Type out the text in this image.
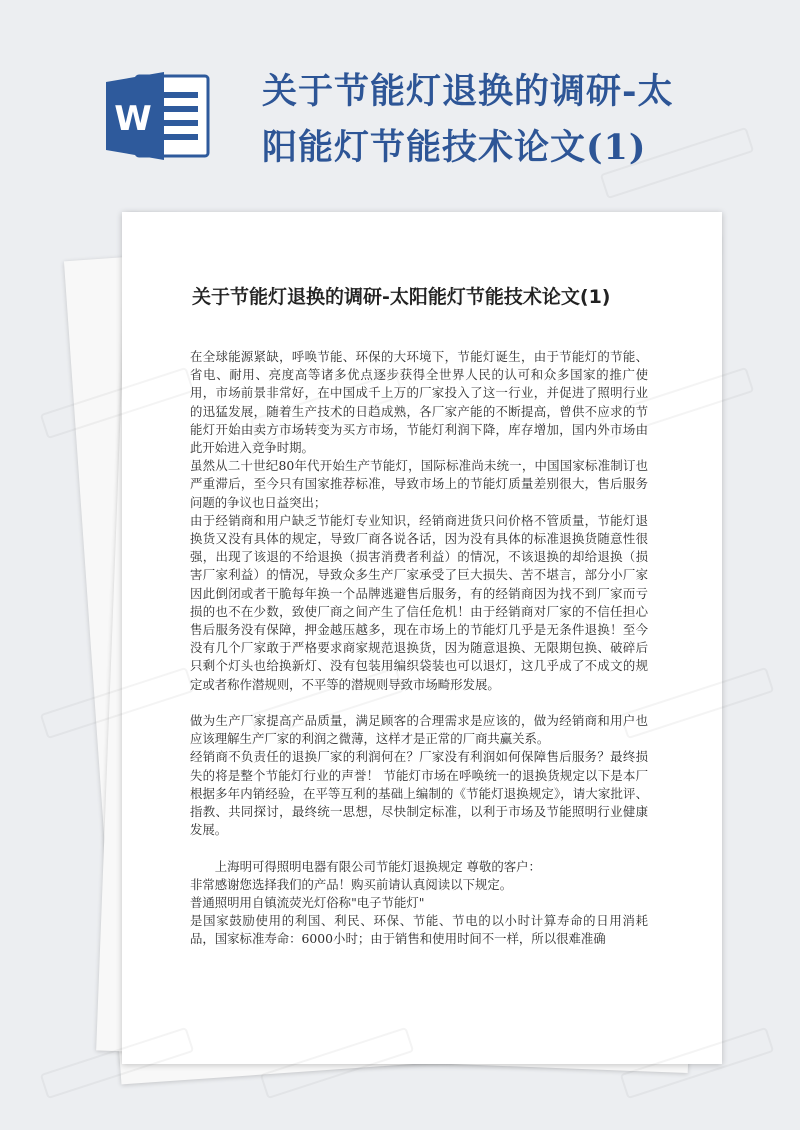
W
关于节能灯退换的调研-太阳能灯节能技术论文(1)
关于节能灯退换的调研-太阳能灯节能技术论文(1)

在全球能源紧缺，呼唤节能、环保的大环境下，节能灯诞生，由于节能灯的节能、省电、耐用、亮度高等诸多优点逐步获得全世界人民的认可和众多国家的推广使用，市场前景非常好，在中国成千上万的厂家投入了这一行业，并促进了照明行业的迅猛发展，随着生产技术的日趋成熟，各厂家产能的不断提高，曾供不应求的节能灯开始由卖方市场转变为买方市场，节能灯利润下降，库存增加，国内外市场由此开始进入竞争时期。

虽然从二十世纪80年代开始生产节能灯，国际标准尚未统一，中国国家标准制订也严重滞后，至今只有国家推荐标准，导致市场上的节能灯质量差别很大，售后服务问题的争议也日益突出；

由于经销商和用户缺乏节能灯专业知识，经销商进货只问价格不管质量，节能灯退换货又没有具体的规定，导致厂商各说各话，因为没有具体的标准退换货随意性很强，出现了该退的不给退换（损害消费者利益）的情况，不该退换的却给退换（损害厂家利益）的情况，导致众多生产厂家承受了巨大损失、苦不堪言，部分小厂家因此倒闭或者干脆每年换一个品牌逃避售后服务，有的经销商因为找不到厂家而亏损的也不在少数，致使厂商之间产生了信任危机！由于经销商对厂家的不信任担心售后服务没有保障，押金越压越多，现在市场上的节能灯几乎是无条件退换！至今没有几个厂家敢于严格要求商家规范退换货，因为随意退换、无限期包换、破碎后只剩个灯头也给换新灯、没有包装用编织袋装也可以退灯，这几乎成了不成文的规定或者称作潜规则，不平等的潜规则导致市场畸形发展。

做为生产厂家提高产品质量，满足顾客的合理需求是应该的，做为经销商和用户也应该理解生产厂家的利润之微薄，这样才是正常的厂商共赢关系。

经销商不负责任的退换厂家的利润何在？厂家没有利润如何保障售后服务？最终损失的将是整个节能灯行业的声誉！ 节能灯市场在呼唤统一的退换货规定以下是本厂根据多年内销经验，在平等互利的基础上编制的《节能灯退换规定》，请大家批评、指教、共同探讨，最终统一思想，尽快制定标准，以利于市场及节能照明行业健康发展。

上海明可得照明电器有限公司节能灯退换规定 尊敬的客户：

非常感谢您选择我们的产品！购买前请认真阅读以下规定。

普通照明用自镇流荧光灯俗称"电子节能灯"

是国家鼓励使用的利国、利民、环保、节能、节电的以小时计算寿命的日用消耗品，国家标准寿命：6000小时；由于销售和使用时间不一样，所以很难准确
